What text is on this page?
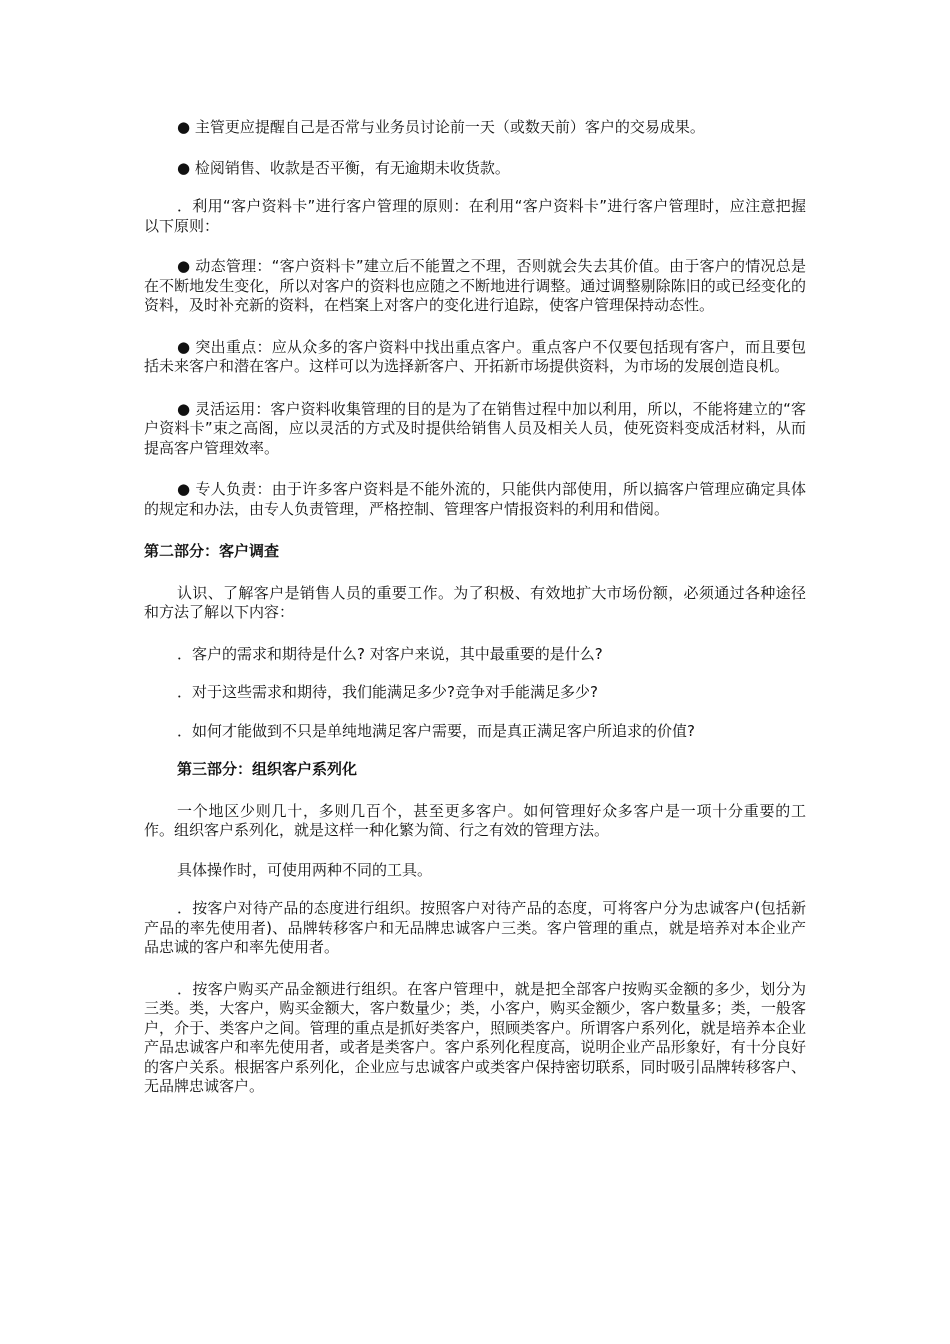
● 主管更应提醒自己是否常与业务员讨论前一天（或数天前）客户的交易成果。

● 检阅销售、收款是否平衡，有无逾期未收货款。

．利用“客户资料卡”进行客户管理的原则：在利用“客户资料卡”进行客户管理时，应注意把握以下原则：

● 动态管理：“客户资料卡”建立后不能置之不理，否则就会失去其价值。由于客户的情况总是在不断地发生变化，所以对客户的资料也应随之不断地进行调整。通过调整剔除陈旧的或已经变化的资料，及时补充新的资料，在档案上对客户的变化进行追踪，使客户管理保持动态性。

● 突出重点：应从众多的客户资料中找出重点客户。重点客户不仅要包括现有客户，而且要包括未来客户和潜在客户。这样可以为选择新客户、开拓新市场提供资料，为市场的发展创造良机。

● 灵活运用：客户资料收集管理的目的是为了在销售过程中加以利用，所以，不能将建立的“客户资料卡”束之高阁，应以灵活的方式及时提供给销售人员及相关人员，使死资料变成活材料，从而提高客户管理效率。

● 专人负责：由于许多客户资料是不能外流的，只能供内部使用，所以搞客户管理应确定具体的规定和办法，由专人负责管理，严格控制、管理客户情报资料的利用和借阅。

第二部分：客户调查

认识、了解客户是销售人员的重要工作。为了积极、有效地扩大市场份额，必须通过各种途径和方法了解以下内容：

．客户的需求和期待是什么? 对客户来说，其中最重要的是什么?

．对于这些需求和期待，我们能满足多少?竞争对手能满足多少?

．如何才能做到不只是单纯地满足客户需要，而是真正满足客户所追求的价值?

第三部分：组织客户系列化

一个地区少则几十，多则几百个，甚至更多客户。如何管理好众多客户是一项十分重要的工作。组织客户系列化，就是这样一种化繁为简、行之有效的管理方法。

具体操作时，可使用两种不同的工具。

．按客户对待产品的态度进行组织。按照客户对待产品的态度，可将客户分为忠诚客户(包括新产品的率先使用者)、品牌转移客户和无品牌忠诚客户三类。客户管理的重点，就是培养对本企业产品忠诚的客户和率先使用者。

．按客户购买产品金额进行组织。在客户管理中，就是把全部客户按购买金额的多少，划分为三类。类，大客户，购买金额大，客户数量少；类，小客户，购买金额少，客户数量多；类，一般客户，介于、类客户之间。管理的重点是抓好类客户，照顾类客户。所谓客户系列化，就是培养本企业产品忠诚客户和率先使用者，或者是类客户。客户系列化程度高，说明企业产品形象好，有十分良好的客户关系。根据客户系列化，企业应与忠诚客户或类客户保持密切联系，同时吸引品牌转移客户、无品牌忠诚客户。
